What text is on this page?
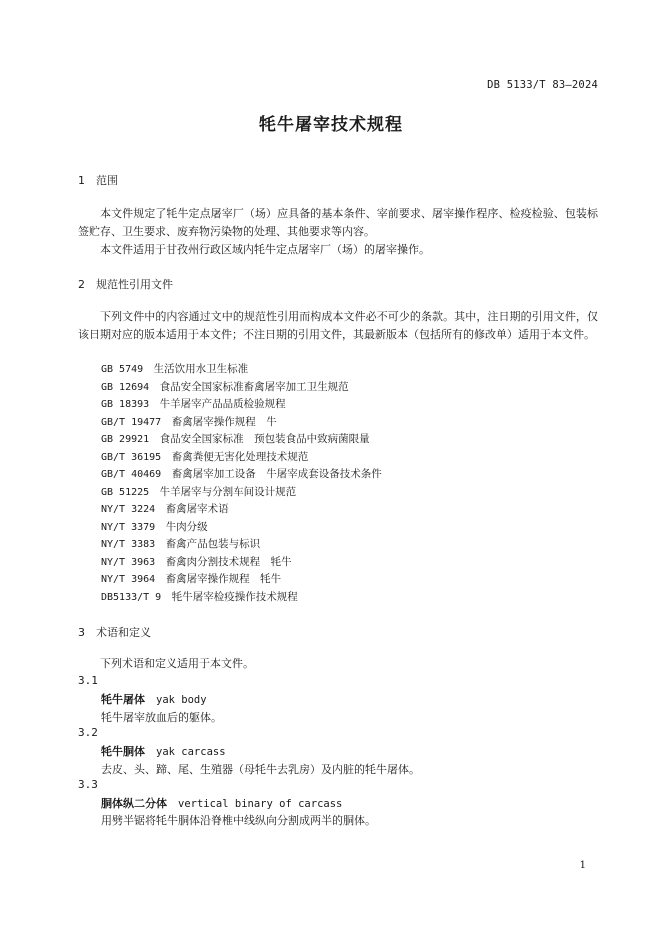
DB 5133/T 83—2024
牦牛屠宰技术规程
1 范围

本文件规定了牦牛定点屠宰厂（场）应具备的基本条件、宰前要求、屠宰操作程序、检疫检验、包装标签贮存、卫生要求、废弃物污染物的处理、其他要求等内容。

本文件适用于甘孜州行政区域内牦牛定点屠宰厂（场）的屠宰操作。

2 规范性引用文件

下列文件中的内容通过文中的规范性引用而构成本文件必不可少的条款。其中，注日期的引用文件，仅该日期对应的版本适用于本文件；不注日期的引用文件，其最新版本（包括所有的修改单）适用于本文件。

GB 5749　 生活饮用水卫生标准
GB 12694　 食品安全国家标准畜禽屠宰加工卫生规范
GB 18393　 牛羊屠宰产品品质检验规程
GB/T 19477　 畜禽屠宰操作规程　牛
GB 29921　 食品安全国家标准　预包装食品中致病菌限量
GB/T 36195　 畜禽粪便无害化处理技术规范
GB/T 40469　 畜禽屠宰加工设备　牛屠宰成套设备技术条件
GB 51225　 牛羊屠宰与分割车间设计规范
NY/T 3224　 畜禽屠宰术语
NY/T 3379　 牛肉分级
NY/T 3383　 畜禽产品包装与标识
NY/T 3963　 畜禽肉分割技术规程　牦牛
NY/T 3964　 畜禽屠宰操作规程　牦牛
DB5133/T 9　 牦牛屠宰检疫操作技术规程
3 术语和定义

下列术语和定义适用于本文件。

3.1
牦牛屠体　 yak body
牦牛屠宰放血后的躯体。
3.2
牦牛胴体　 yak carcass
去皮、头、蹄、尾、生殖器（母牦牛去乳房）及内脏的牦牛屠体。
3.3
胴体纵二分体　 vertical binary of carcass
用劈半锯将牦牛胴体沿脊椎中线纵向分割成两半的胴体。
1
